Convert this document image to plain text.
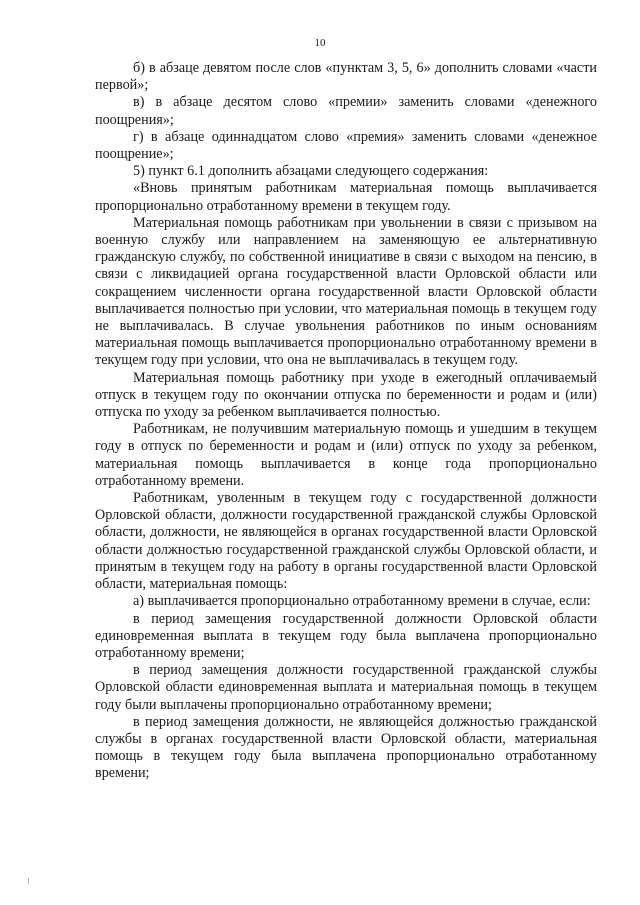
10

б) в абзаце девятом после слов «пунктам 3, 5, 6» дополнить словами «части первой»;

в) в абзаце десятом слово «премии» заменить словами «денежного поощрения»;

г) в абзаце одиннадцатом слово «премия» заменить словами «денежное поощрение»;

5) пункт 6.1 дополнить абзацами следующего содержания:

«Вновь принятым работникам материальная помощь выплачивается пропорционально отработанному времени в текущем году.

Материальная помощь работникам при увольнении в связи с призывом на военную службу или направлением на заменяющую ее альтернативную гражданскую службу, по собственной инициативе в связи с выходом на пенсию, в связи с ликвидацией органа государственной власти Орловской области или сокращением численности органа государственной власти Орловской области выплачивается полностью при условии, что материальная помощь в текущем году не выплачивалась. В случае увольнения работников по иным основаниям материальная помощь выплачивается пропорционально отработанному времени в текущем году при условии, что она не выплачивалась в текущем году.

Материальная помощь работнику при уходе в ежегодный оплачиваемый отпуск в текущем году по окончании отпуска по беременности и родам и (или) отпуска по уходу за ребенком выплачивается полностью.

Работникам, не получившим материальную помощь и ушедшим в текущем году в отпуск по беременности и родам и (или) отпуск по уходу за ребенком, материальная помощь выплачивается в конце года пропорционально отработанному времени.

Работникам, уволенным в текущем году с государственной должности Орловской области, должности государственной гражданской службы Орловской области, должности, не являющейся в органах государственной власти Орловской области должностью государственной гражданской службы Орловской области, и принятым в текущем году на работу в органы государственной власти Орловской области, материальная помощь:

а) выплачивается пропорционально отработанному времени в случае, если:

в период замещения государственной должности Орловской области единовременная выплата в текущем году была выплачена пропорционально отработанному времени;

в период замещения должности государственной гражданской службы Орловской области единовременная выплата и материальная помощь в текущем году были выплачены пропорционально отработанному времени;

в период замещения должности, не являющейся должностью гражданской службы в органах государственной власти Орловской области, материальная помощь в текущем году была выплачена пропорционально отработанному времени;
